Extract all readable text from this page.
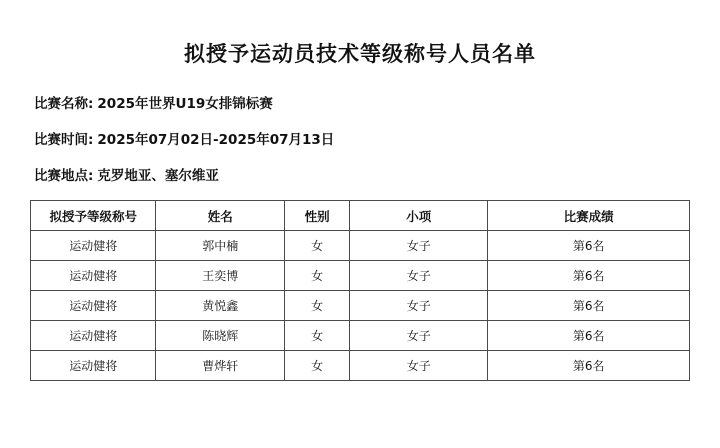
拟授予运动员技术等级称号人员名单
比赛名称: 2025年世界U19女排锦标赛
比赛时间: 2025年07月02日-2025年07月13日
比赛地点: 克罗地亚、塞尔维亚
拟授予等级称号	姓名	性别	小项	比赛成绩
运动健将	郭中楠	女	女子	第6名
运动健将	王奕博	女	女子	第6名
运动健将	黄悦鑫	女	女子	第6名
运动健将	陈晓辉	女	女子	第6名
运动健将	曹烨轩	女	女子	第6名
